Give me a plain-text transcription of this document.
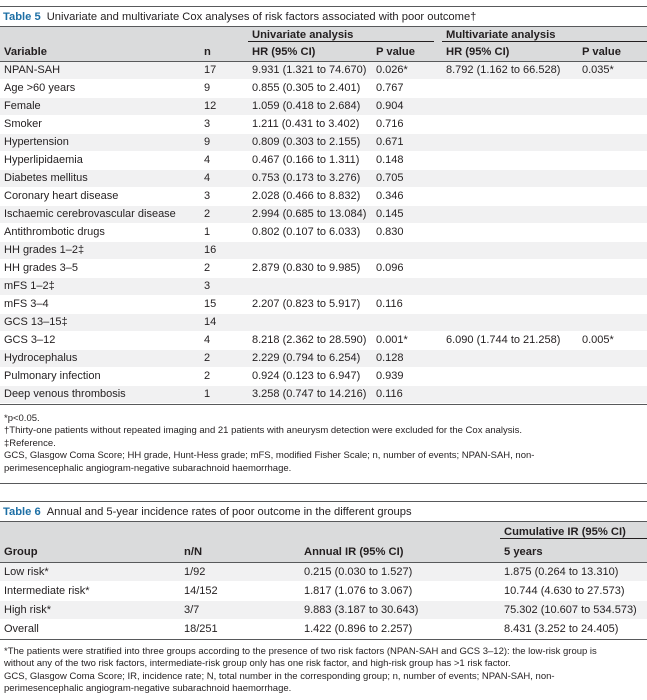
Table 5 Univariate and multivariate Cox analyses of risk factors associated with poor outcome†

		Univariate analysis		Multivariate analysis	

Variable	n	HR (95% CI)	P value	HR (95% CI)	P value
NPAN-SAH	17	9.931 (1.321 to 74.670)	0.026*	8.792 (1.162 to 66.528)	0.035*
Age >60 years	9	0.855 (0.305 to 2.401)	0.767		
Female	12	1.059 (0.418 to 2.684)	0.904		
Smoker	3	1.211 (0.431 to 3.402)	0.716		
Hypertension	9	0.809 (0.303 to 2.155)	0.671		
Hyperlipidaemia	4	0.467 (0.166 to 1.311)	0.148		
Diabetes mellitus	4	0.753 (0.173 to 3.276)	0.705		
Coronary heart disease	3	2.028 (0.466 to 8.832)	0.346		
Ischaemic cerebrovascular disease	2	2.994 (0.685 to 13.084)	0.145		
Antithrombotic drugs	1	0.802 (0.107 to 6.033)	0.830		
HH grades 1–2‡	16				
HH grades 3–5	2	2.879 (0.830 to 9.985)	0.096		
mFS 1–2‡	3				
mFS 3–4	15	2.207 (0.823 to 5.917)	0.116		
GCS 13–15‡	14				
GCS 3–12	4	8.218 (2.362 to 28.590)	0.001*	6.090 (1.744 to 21.258)	0.005*
Hydrocephalus	2	2.229 (0.794 to 6.254)	0.128		
Pulmonary infection	2	0.924 (0.123 to 6.947)	0.939		
Deep venous thrombosis	1	3.258 (0.747 to 14.216)	0.116		

*p<0.05.

†Thirty-one patients without repeated imaging and 21 patients with aneurysm detection were excluded for the Cox analysis.

‡Reference.

GCS, Glasgow Coma Score; HH grade, Hunt-Hess grade; mFS, modified Fisher Scale; n, number of events; NPAN-SAH, non-

perimesencephalic angiogram-negative subarachnoid haemorrhage.

Table 6 Annual and 5-year incidence rates of poor outcome in the different groups

			Cumulative IR (95% CI)

Group	n/N	Annual IR (95% CI)	5 years
Low risk*	1/92	0.215 (0.030 to 1.527)	1.875 (0.264 to 13.310)
Intermediate risk*	14/152	1.817 (1.076 to 3.067)	10.744 (4.630 to 27.573)
High risk*	3/7	9.883 (3.187 to 30.643)	75.302 (10.607 to 534.573)
Overall	18/251	1.422 (0.896 to 2.257)	8.431 (3.252 to 24.405)

*The patients were stratified into three groups according to the presence of two risk factors (NPAN-SAH and GCS 3–12): the low-risk group is

without any of the two risk factors, intermediate-risk group only has one risk factor, and high-risk group has >1 risk factor.

GCS, Glasgow Coma Score; IR, incidence rate; N, total number in the corresponding group; n, number of events; NPAN-SAH, non-

perimesencephalic angiogram-negative subarachnoid haemorrhage.
